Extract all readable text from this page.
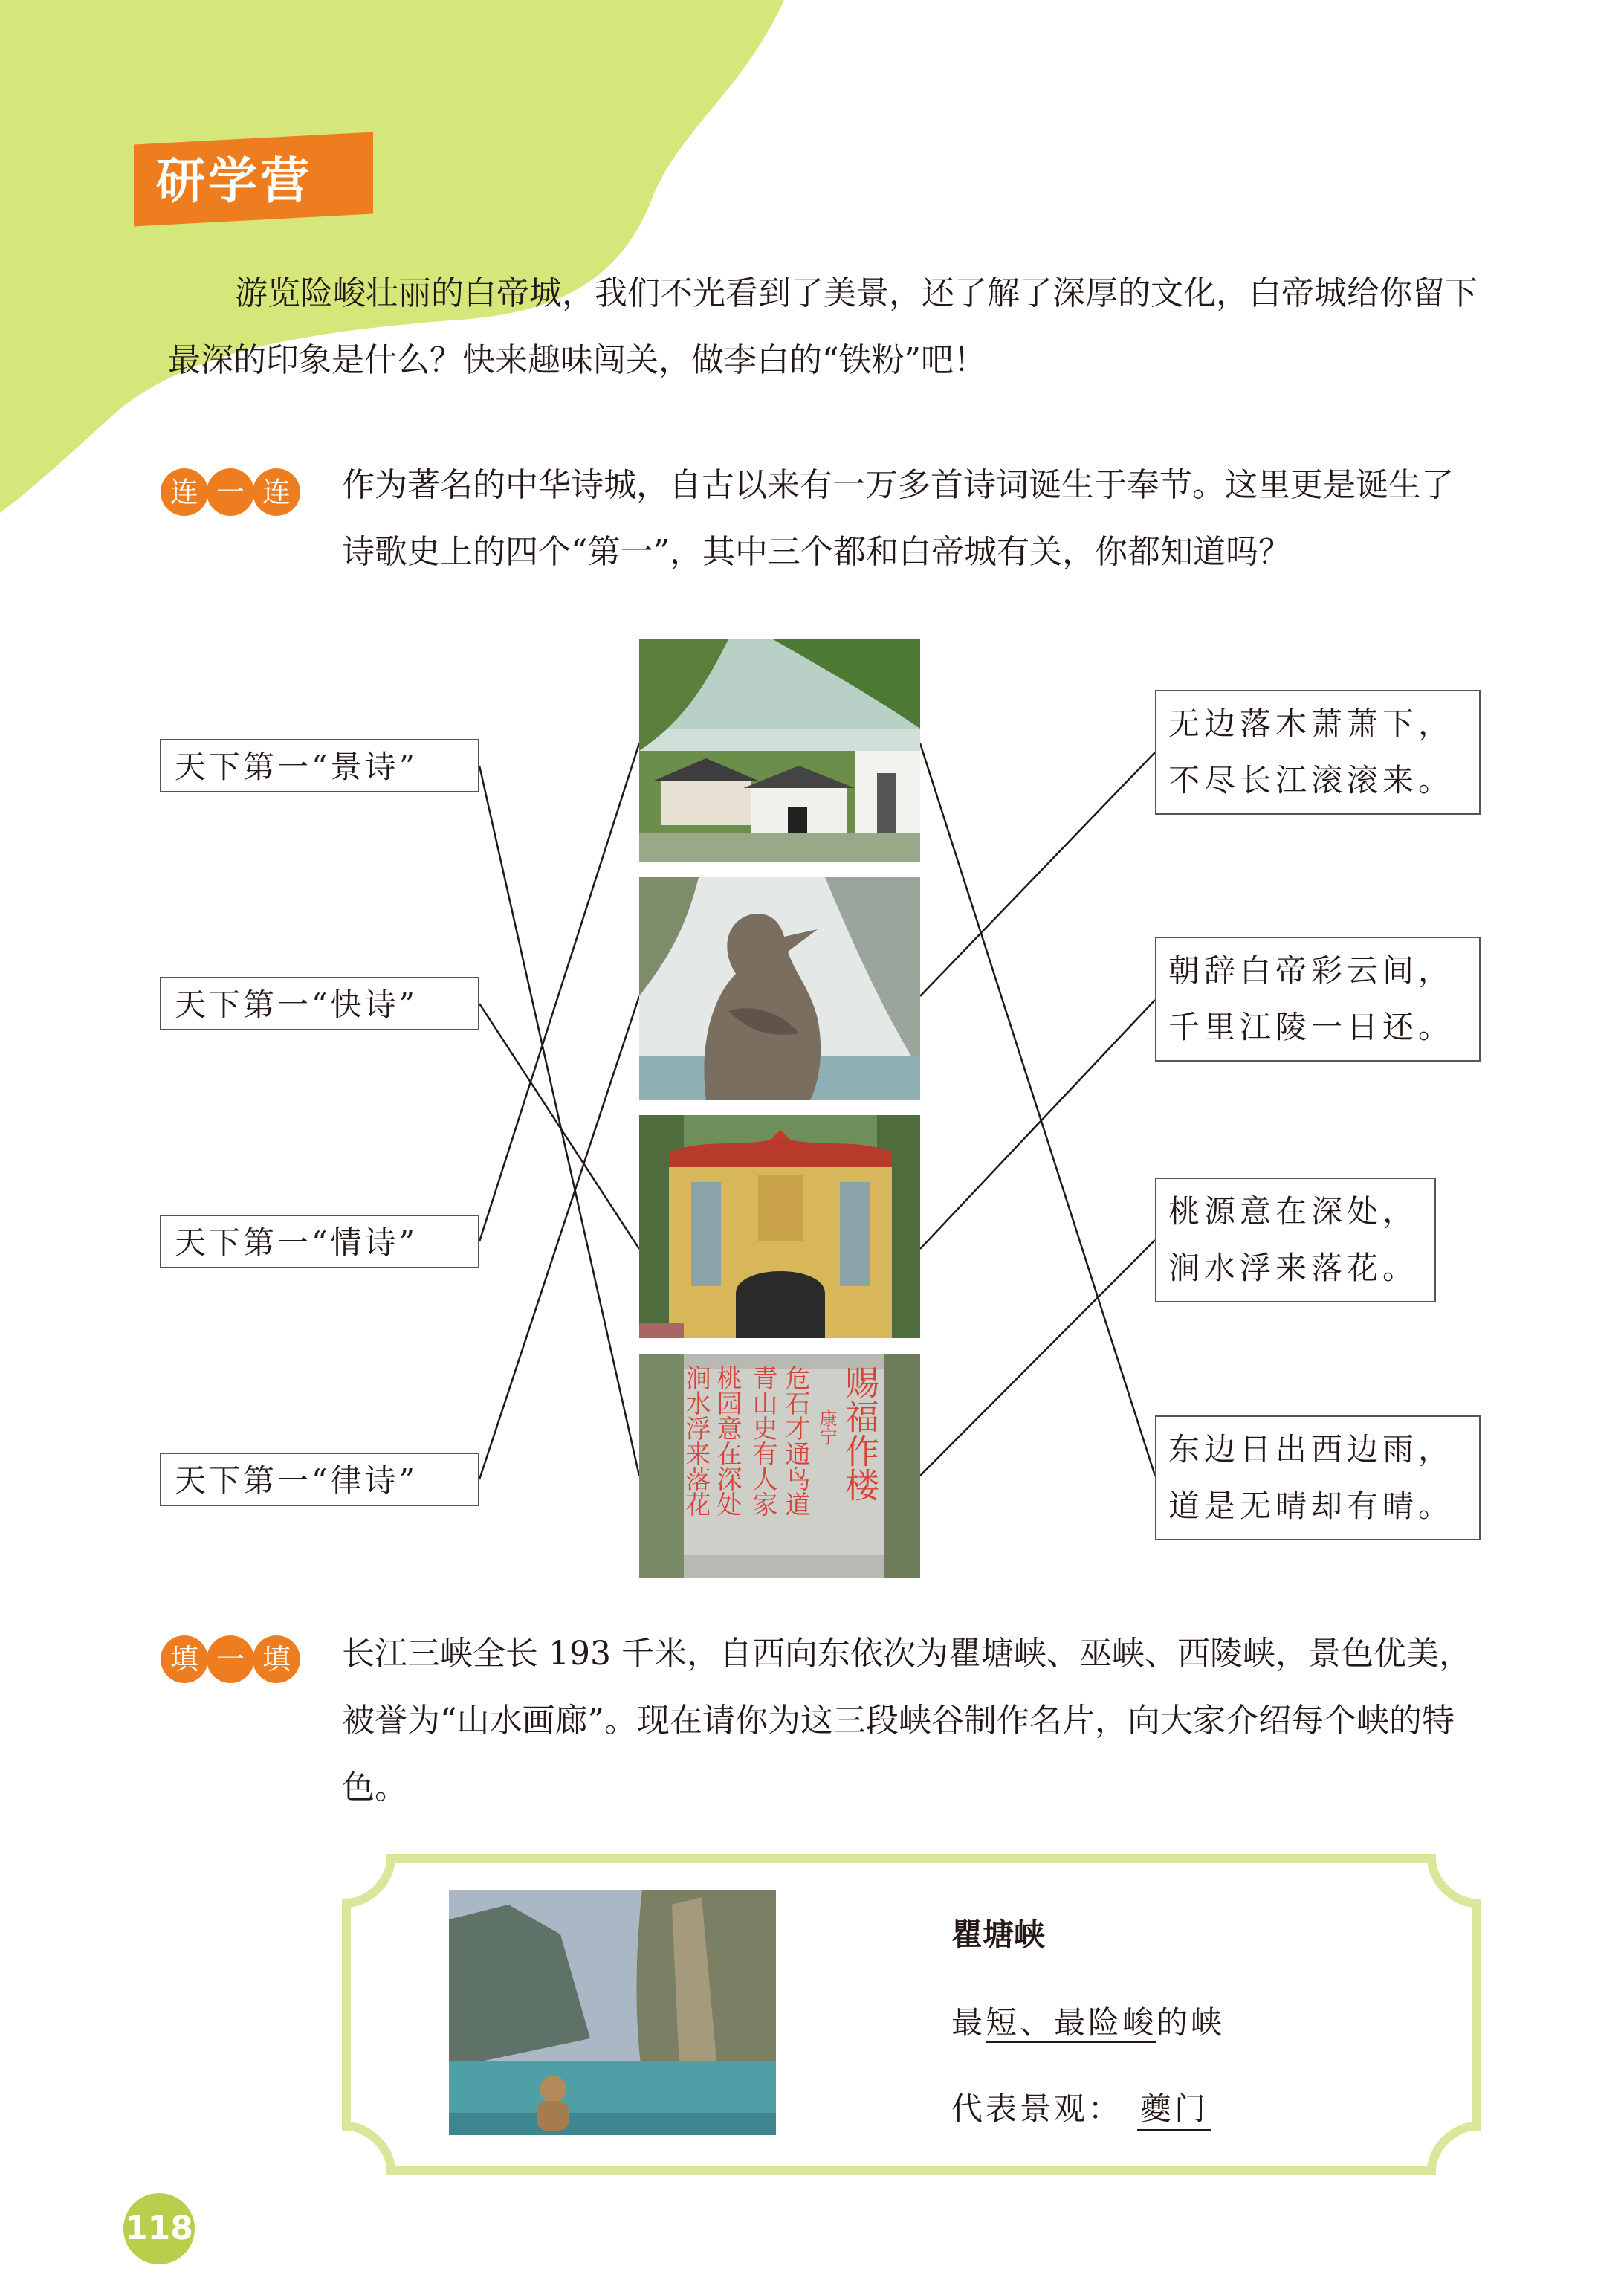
研学营
游览险峻壮丽的白帝城，我们不光看到了美景，还了解了深厚的文化，白帝城给你留下最深的印象是什么？快来趣味闯关，做李白的“铁粉”吧！
连 一 连 作为著名的中华诗城，自古以来有一万多首诗词诞生于奉节。这里更是诞生了诗歌史上的四个“第一”，其中三个都和白帝城有关，你都知道吗？
天下第一“景诗”
天下第一“快诗”
天下第一“情诗”
天下第一“律诗”
涧水浮来落花
桃园意在深处
青山史有人家
危石才通鸟道
康宁
赐福作楼
无边落木萧萧下，
不尽长江滚滚来。
朝辞白帝彩云间，
千里江陵一日还。
桃源意在深处，
涧水浮来落花。
东边日出西边雨，
道是无晴却有晴。
填 一 填 长江三峡全长 193 千米，自西向东依次为瞿塘峡、巫峡、西陵峡，景色优美，被誉为“山水画廊”。现在请你为这三段峡谷制作名片，向大家介绍每个峡的特色。
瞿塘峡
最短、最险峻的峡
代表景观： 夔门
118
